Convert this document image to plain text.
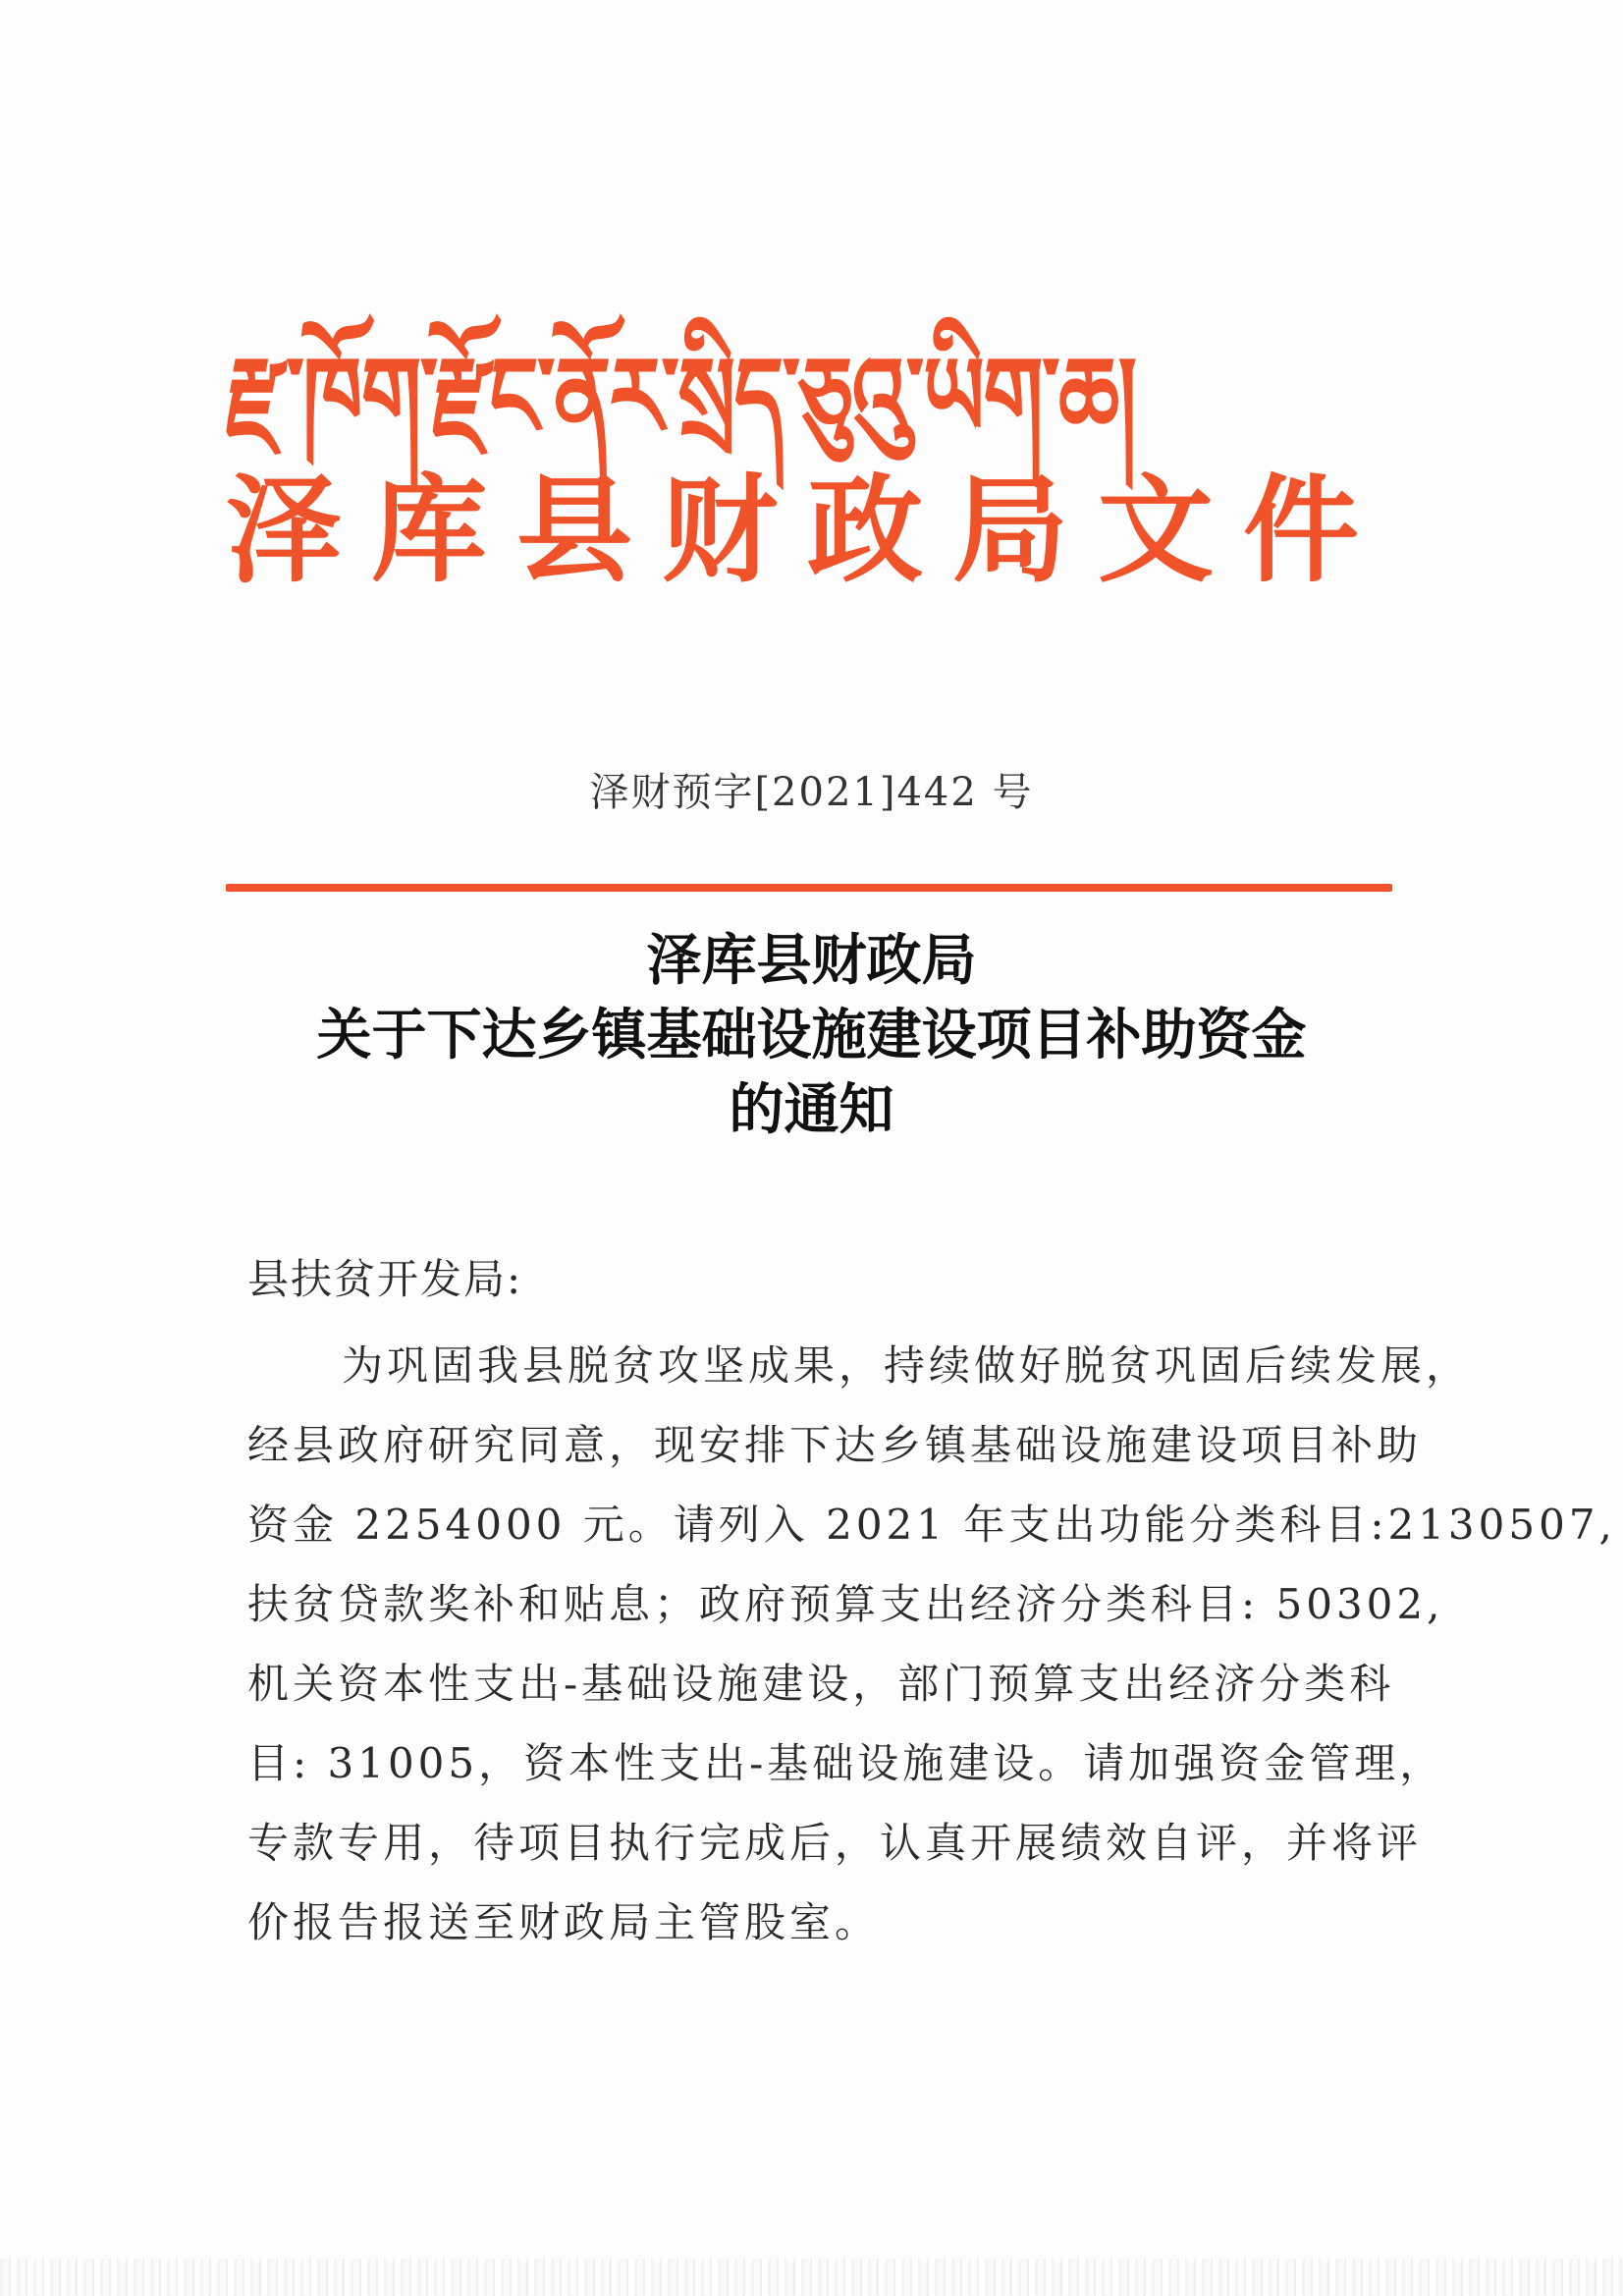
རྫ་ཁོག་རྫོང་ནོར་སྲིད་ཅུའུ་ཡིག་ཆ།
泽库县财政局文件
泽财预字[2021]442 号
泽库县财政局
关于下达乡镇基础设施建设项目补助资金
的通知
县扶贫开发局:
为巩固我县脱贫攻坚成果，持续做好脱贫巩固后续发展，
经县政府研究同意，现安排下达乡镇基础设施建设项目补助
资金 2254000 元。请列入 2021 年支出功能分类科目:2130507,
扶贫贷款奖补和贴息；政府预算支出经济分类科目: 50302,
机关资本性支出-基础设施建设，部门预算支出经济分类科
目: 31005，资本性支出-基础设施建设。请加强资金管理，
专款专用，待项目执行完成后，认真开展绩效自评，并将评
价报告报送至财政局主管股室。
